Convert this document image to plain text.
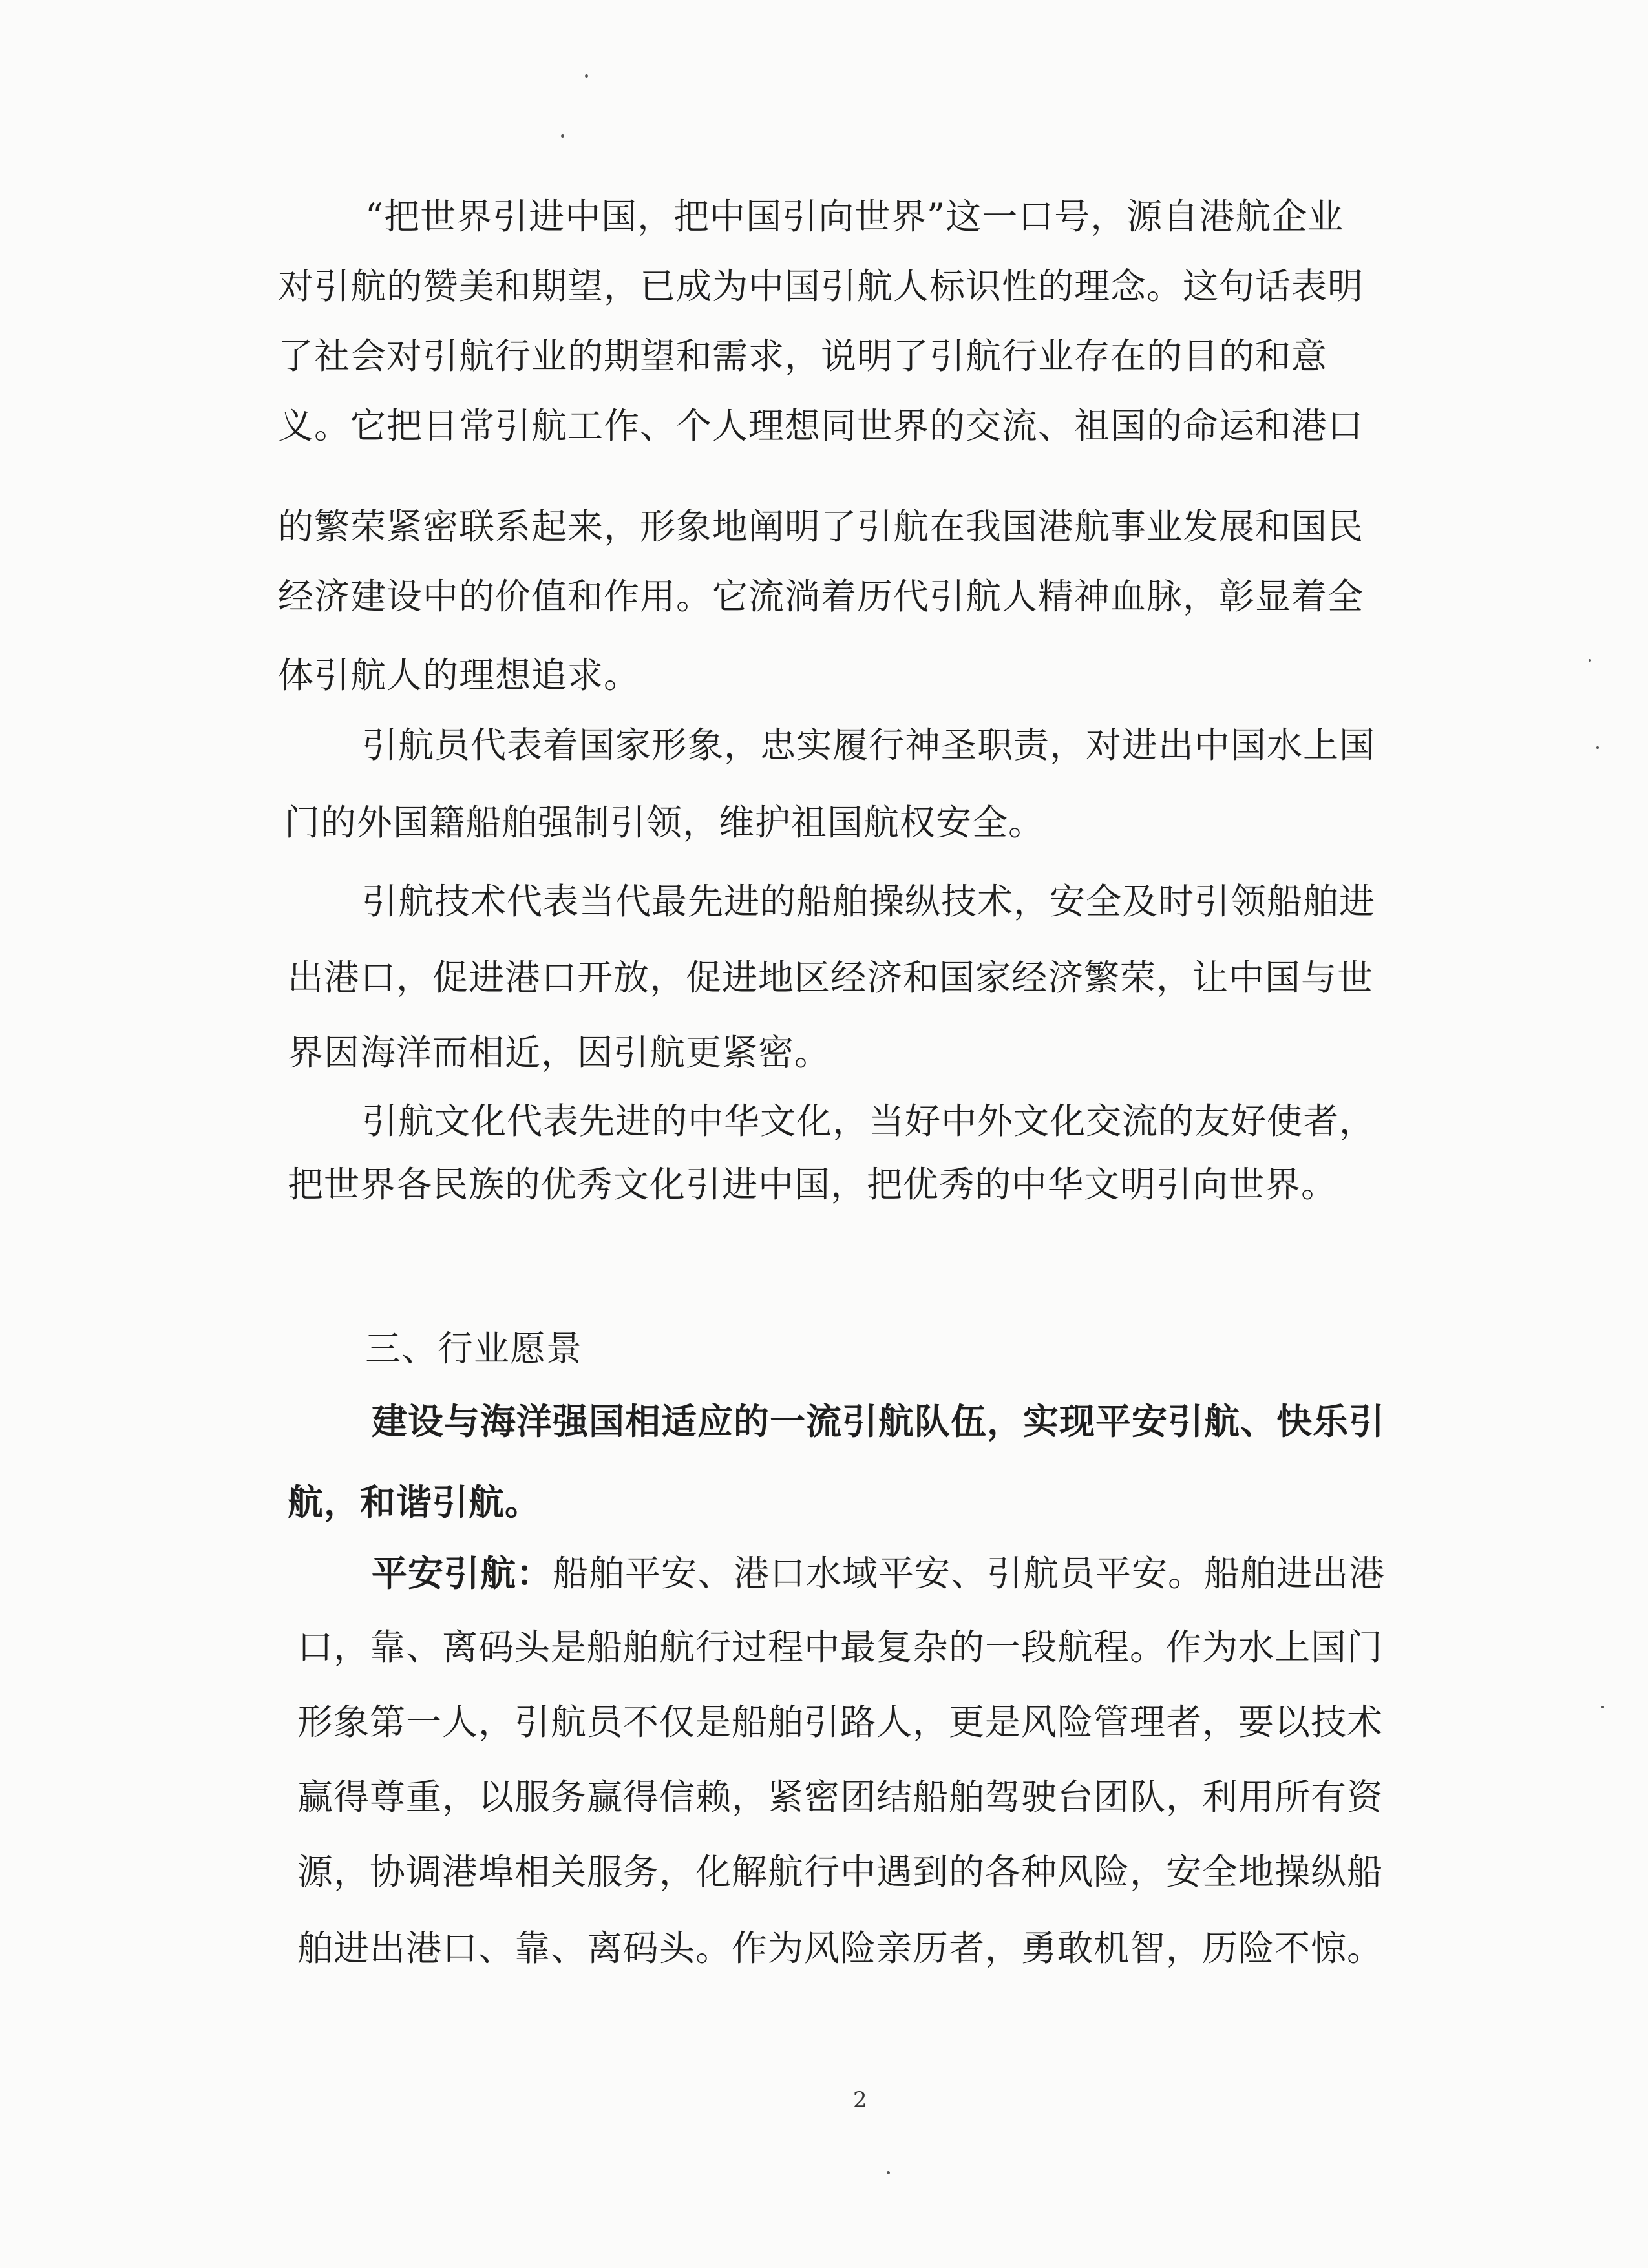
“把世界引进中国，把中国引向世界”这一口号，源自港航企业

对引航的赞美和期望，已成为中国引航人标识性的理念。这句话表明

了社会对引航行业的期望和需求，说明了引航行业存在的目的和意

义。它把日常引航工作、个人理想同世界的交流、祖国的命运和港口

的繁荣紧密联系起来，形象地阐明了引航在我国港航事业发展和国民

经济建设中的价值和作用。它流淌着历代引航人精神血脉，彰显着全

体引航人的理想追求。

引航员代表着国家形象，忠实履行神圣职责，对进出中国水上国

门的外国籍船舶强制引领，维护祖国航权安全。

引航技术代表当代最先进的船舶操纵技术，安全及时引领船舶进

出港口，促进港口开放，促进地区经济和国家经济繁荣，让中国与世

界因海洋而相近，因引航更紧密。

引航文化代表先进的中华文化，当好中外文化交流的友好使者，

把世界各民族的优秀文化引进中国，把优秀的中华文明引向世界。

三、行业愿景

建设与海洋强国相适应的一流引航队伍，实现平安引航、快乐引

航，和谐引航。

平安引航：船舶平安、港口水域平安、引航员平安。船舶进出港

口，靠、离码头是船舶航行过程中最复杂的一段航程。作为水上国门

形象第一人，引航员不仅是船舶引路人，更是风险管理者，要以技术

赢得尊重，以服务赢得信赖，紧密团结船舶驾驶台团队，利用所有资

源，协调港埠相关服务，化解航行中遇到的各种风险，安全地操纵船

舶进出港口、靠、离码头。作为风险亲历者，勇敢机智，历险不惊。

2
